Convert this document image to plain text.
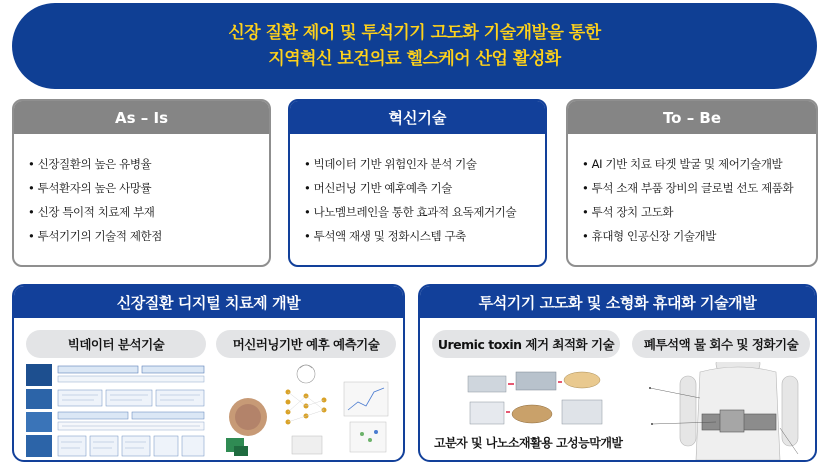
신장 질환 제어 및 투석기기 고도화 기술개발을 통한
지역혁신 보건의료 헬스케어 산업 활성화
As – Is
• 신장질환의 높은 유병율
• 투석환자의 높은 사망률
• 신장 특이적 치료제 부재
• 투석기기의 기술적 제한점
혁신기술
• 빅데이터 기반 위험인자 분석 기술
• 머신러닝 기반 예후예측 기술
• 나노멤브레인을 통한 효과적 요독제거기술
• 투석액 재생 및 정화시스템 구축
To – Be
• AI 기반 치료 타겟 발굴 및 제어기술개발
• 투석 소재 부품 장비의 글로벌 선도 제품화
• 투석 장치 고도화
• 휴대형 인공신장 기술개발
신장질환 디지털 치료제 개발
빅데이터 분석기술	머신러닝기반 예후 예측기술
투석기기 고도화 및 소형화 휴대화 기술개발
Uremic toxin 제거 최적화 기술	폐투석액 물 회수 및 정화기술
고분자 및 나노소재활용 고성능막개발
